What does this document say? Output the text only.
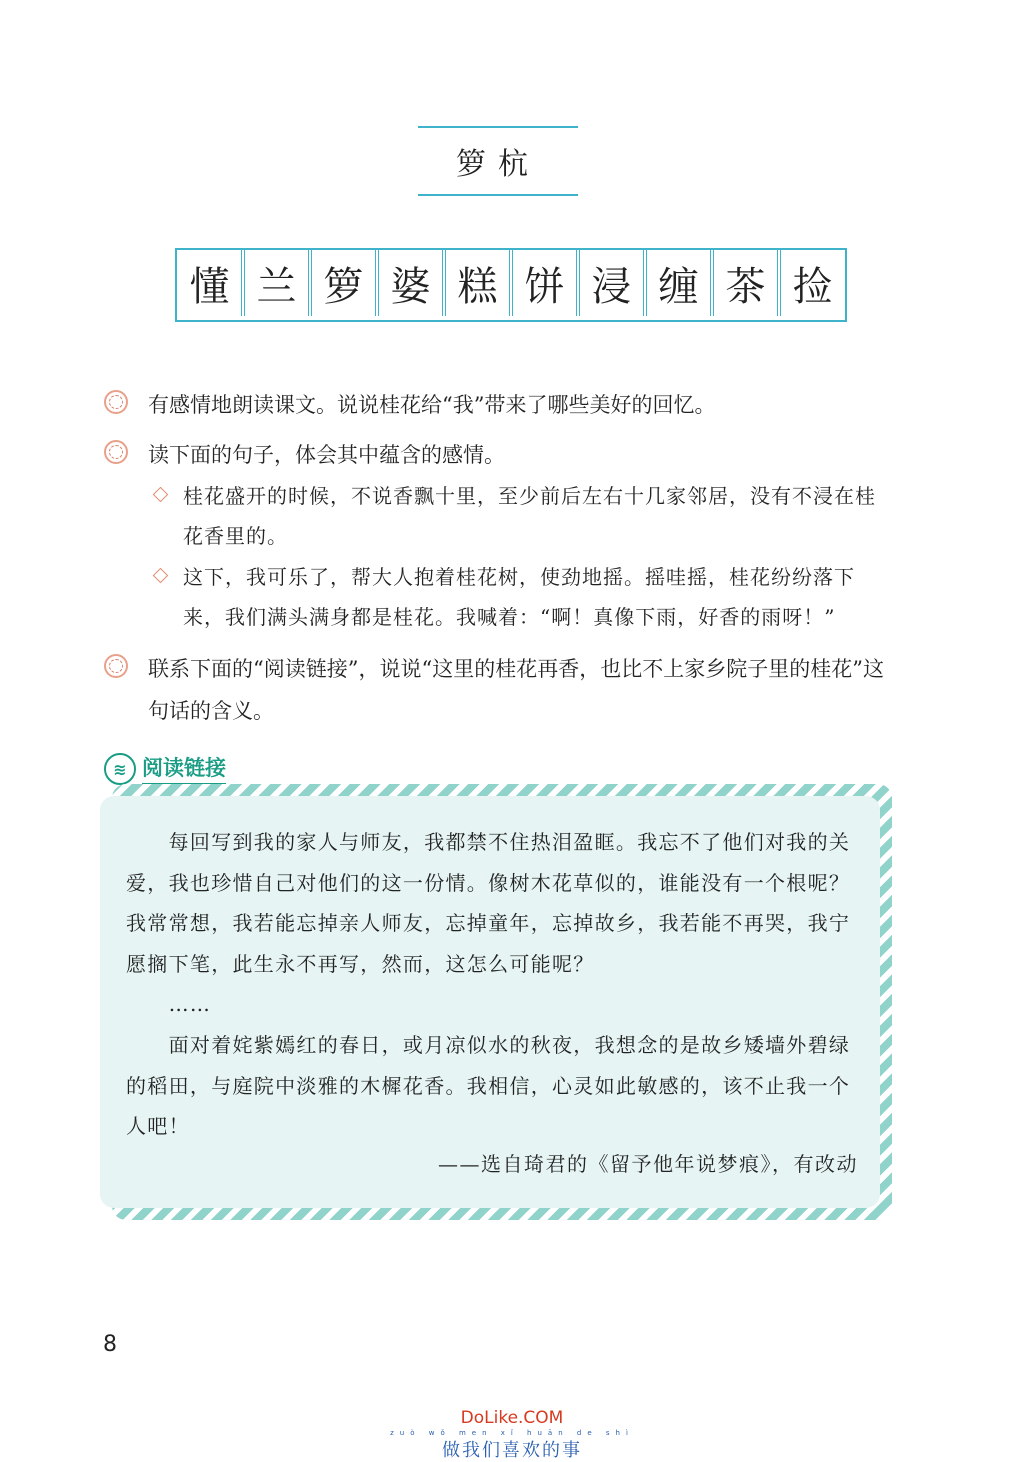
箩杭
懂 兰 箩 婆 糕 饼 浸 缠 茶 捡
有感情地朗读课文。说说桂花给“我”带来了哪些美好的回忆。
读下面的句子，体会其中蕴含的感情。
桂花盛开的时候，不说香飘十里，至少前后左右十几家邻居，没有不浸在桂花香里的。
这下，我可乐了，帮大人抱着桂花树，使劲地摇。摇哇摇，桂花纷纷落下来，我们满头满身都是桂花。我喊着：“啊！真像下雨，好香的雨呀！”
联系下面的“阅读链接”，说说“这里的桂花再香，也比不上家乡院子里的桂花”这句话的含义。
≋ 阅读链接
　　每回写到我的家人与师友，我都禁不住热泪盈眶。我忘不了他们对我的关爱，我也珍惜自己对他们的这一份情。像树木花草似的，谁能没有一个根呢？我常常想，我若能忘掉亲人师友，忘掉童年，忘掉故乡，我若能不再哭，我宁愿搁下笔，此生永不再写，然而，这怎么可能呢？
　　……
　　面对着姹紫嫣红的春日，或月凉似水的秋夜，我想念的是故乡矮墙外碧绿的稻田，与庭院中淡雅的木樨花香。我相信，心灵如此敏感的，该不止我一个人吧！
——选自琦君的《留予他年说梦痕》，有改动
8
DoLike.COM
zuò wǒ men xǐ huān de shì
做我们喜欢的事
